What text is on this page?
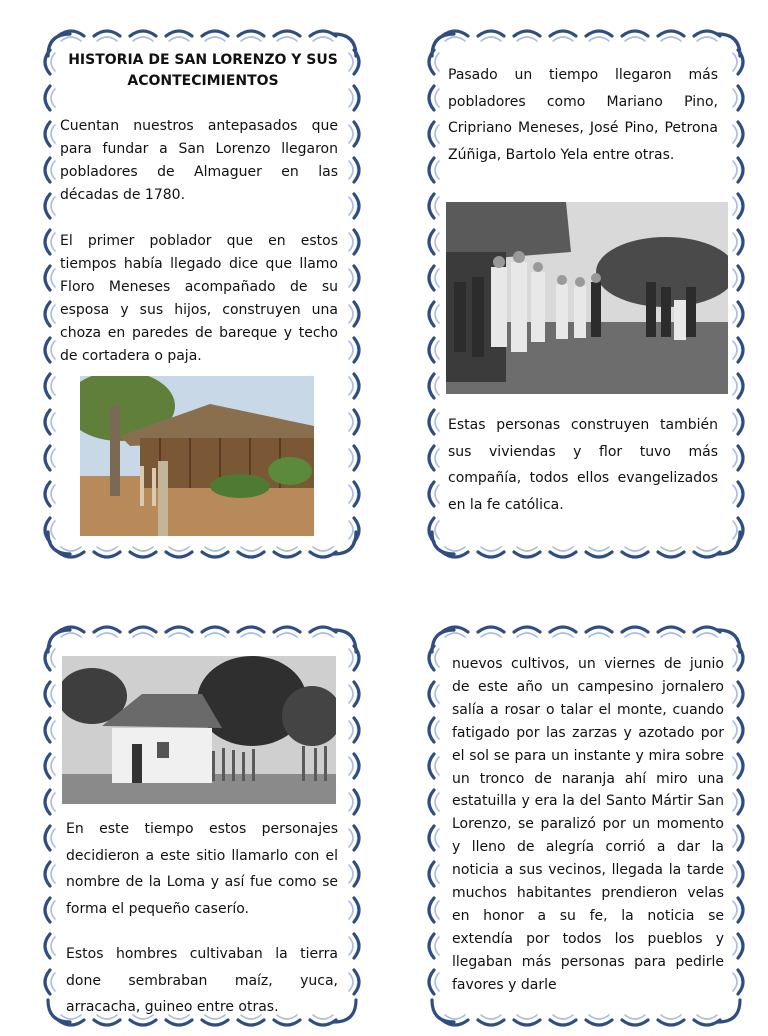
HISTORIA DE SAN LORENZO Y SUS ACONTECIMIENTOS

Cuentan nuestros antepasados que para fundar a San Lorenzo llegaron pobladores de Almaguer en las décadas de 1780.

El primer poblador que en estos tiempos había llegado dice que llamo Floro Meneses acompañado de su esposa y sus hijos, construyen una choza en paredes de bareque y techo de cortadera o paja.

Pasado un tiempo llegaron más pobladores como Mariano Pino, Cripriano Meneses, José Pino, Petrona Zúñiga, Bartolo Yela entre otras.

Estas personas construyen también sus viviendas y flor tuvo más compañía, todos ellos evangelizados en la fe católica.

En este tiempo estos personajes decidieron a este sitio llamarlo con el nombre de la Loma y así fue como se forma el pequeño caserío.

Estos hombres cultivaban la tierra done sembraban maíz, yuca, arracacha, guineo entre otras.

nuevos cultivos, un viernes de junio de este año un campesino jornalero salía a rosar o talar el monte, cuando fatigado por las zarzas y azotado por el sol se para un instante y mira sobre un tronco de naranja ahí miro una estatuilla y era la del Santo Mártir San Lorenzo, se paralizó por un momento y lleno de alegría corrió a dar la noticia a sus vecinos, llegada la tarde muchos habitantes prendieron velas en honor a su fe, la noticia se extendía por todos los pueblos y llegaban más personas para pedirle favores y darle
